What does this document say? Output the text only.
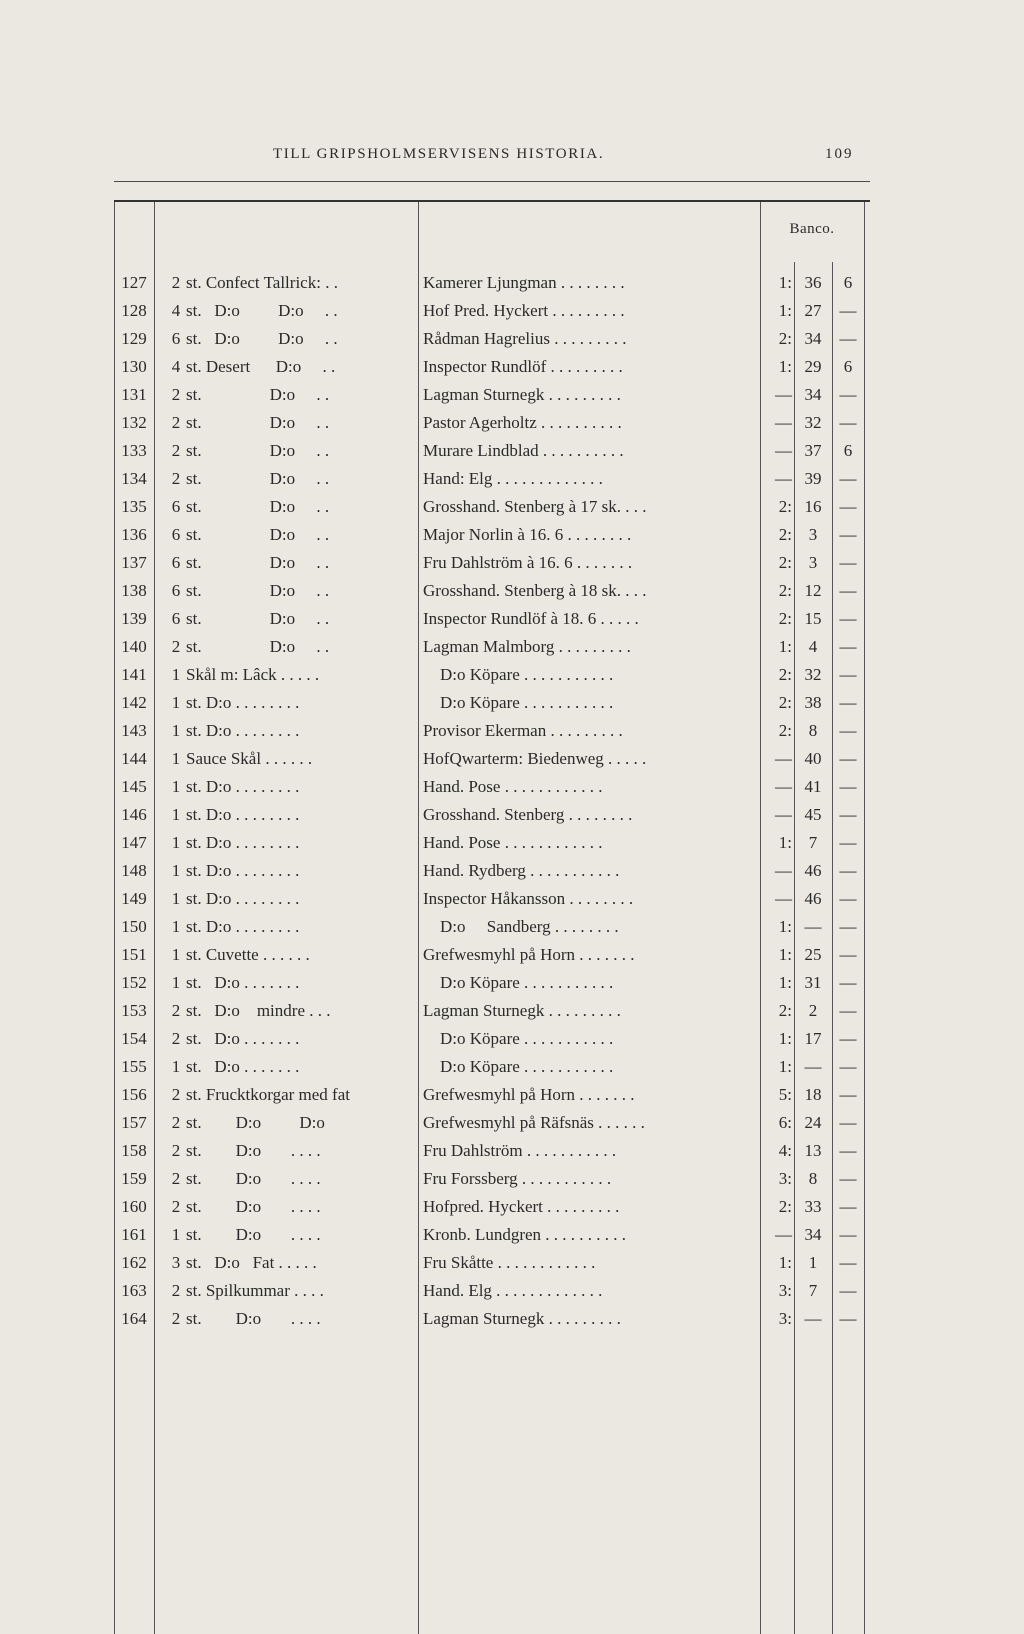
TILL GRIPSHOLMSERVISENS HISTORIA.	109
Banco.
127	2 st. Confect Tallrick: . .	Kamerer Ljungman . . . . . . . .	1: 36	6
128	4 st.   D:o         D:o     . .	Hof Pred. Hyckert . . . . . . . . .	1: 27	—
129	6 st.   D:o         D:o     . .	Rådman Hagrelius . . . . . . . . .	2: 34	—
130	4 st. Desert      D:o     . .	Inspector Rundlöf . . . . . . . . .	1: 29	6
131	2 st.                D:o     . .	Lagman Sturnegk . . . . . . . . .	— 34	—
132	2 st.                D:o     . .	Pastor Agerholtz . . . . . . . . . .	— 32	—
133	2 st.                D:o     . .	Murare Lindblad . . . . . . . . . .	— 37	6
134	2 st.                D:o     . .	Hand: Elg . . . . . . . . . . . . .	— 39	—
135	6 st.                D:o     . .	Grosshand. Stenberg à 17 sk. . . .	2: 16	—
136	6 st.                D:o     . .	Major Norlin à 16. 6 . . . . . . . .	2: 3	—
137	6 st.                D:o     . .	Fru Dahlström à 16. 6 . . . . . . .	2: 3	—
138	6 st.                D:o     . .	Grosshand. Stenberg à 18 sk. . . .	2: 12	—
139	6 st.                D:o     . .	Inspector Rundlöf à 18. 6 . . . . .	2: 15	—
140	2 st.                D:o     . .	Lagman Malmborg . . . . . . . . .	1: 4	—
141	1 Skål m: Lâck . . . . .	D:o Köpare . . . . . . . . . . .	2: 32	—
142	1 st. D:o . . . . . . . .	D:o Köpare . . . . . . . . . . .	2: 38	—
143	1 st. D:o . . . . . . . .	Provisor Ekerman . . . . . . . . .	2: 8	—
144	1 Sauce Skål . . . . . .	HofQwarterm: Biedenweg . . . . .	— 40	—
145	1 st. D:o . . . . . . . .	Hand. Pose . . . . . . . . . . . .	— 41	—
146	1 st. D:o . . . . . . . .	Grosshand. Stenberg . . . . . . . .	— 45	—
147	1 st. D:o . . . . . . . .	Hand. Pose . . . . . . . . . . . .	1: 7	—
148	1 st. D:o . . . . . . . .	Hand. Rydberg . . . . . . . . . . .	— 46	—
149	1 st. D:o . . . . . . . .	Inspector Håkansson . . . . . . . .	— 46	—
150	1 st. D:o . . . . . . . .	D:o     Sandberg . . . . . . . .	1: —	—
151	1 st. Cuvette . . . . . .	Grefwesmyhl på Horn . . . . . . .	1: 25	—
152	1 st.   D:o . . . . . . .	D:o Köpare . . . . . . . . . . .	1: 31	—
153	2 st.   D:o    mindre . . .	Lagman Sturnegk . . . . . . . . .	2: 2	—
154	2 st.   D:o . . . . . . .	D:o Köpare . . . . . . . . . . .	1: 17	—
155	1 st.   D:o . . . . . . .	D:o Köpare . . . . . . . . . . .	1: —	—
156	2 st. Frucktkorgar med fat	Grefwesmyhl på Horn . . . . . . .	5: 18	—
157	2 st.        D:o         D:o	Grefwesmyhl på Räfsnäs . . . . . .	6: 24	—
158	2 st.        D:o       . . . .	Fru Dahlström . . . . . . . . . . .	4: 13	—
159	2 st.        D:o       . . . .	Fru Forssberg . . . . . . . . . . .	3: 8	—
160	2 st.        D:o       . . . .	Hofpred. Hyckert . . . . . . . . .	2: 33	—
161	1 st.        D:o       . . . .	Kronb. Lundgren . . . . . . . . . .	— 34	—
162	3 st.   D:o   Fat . . . . .	Fru Skåtte . . . . . . . . . . . .	1: 1	—
163	2 st. Spilkummar . . . .	Hand. Elg . . . . . . . . . . . . .	3: 7	—
164	2 st.        D:o       . . . .	Lagman Sturnegk . . . . . . . . .	3: —	—
